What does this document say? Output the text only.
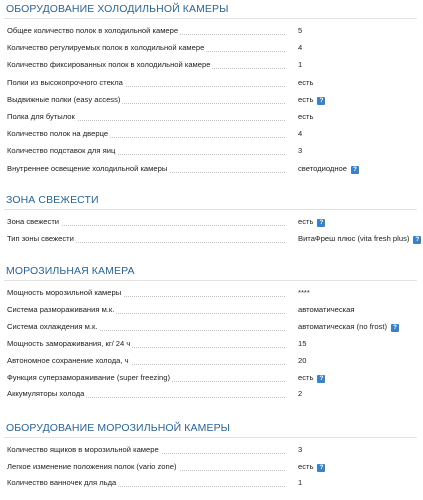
ОБОРУДОВАНИЕ ХОЛОДИЛЬНОЙ КАМЕРЫ
Общее количество полок в холодильной камере	5
Количество регулируемых полок в холодильной камере	4
Количество фиксированных полок в холодильной камере	1
Полки из высокопрочного стекла	есть
Выдвижные полки (easy access)	есть ?
Полка для бутылок	есть
Количество полок на дверце	4
Количество подставок для яиц	3
Внутреннее освещение холодильной камеры	светодиодное ?
ЗОНА СВЕЖЕСТИ
Зона свежести	есть ?
Тип зоны свежести	ВитаФреш плюс (vita fresh plus) ?
МОРОЗИЛЬНАЯ КАМЕРА
Мощность морозильной камеры	****
Система размораживания м.к.	автоматическая
Система охлаждения м.к.	автоматическая (no frost) ?
Мощность замораживания, кг/ 24 ч	15
Автономное сохранение холода, ч	20
Функция суперзамораживание (super freezing)	есть ?
Аккумуляторы холода	2
ОБОРУДОВАНИЕ МОРОЗИЛЬНОЙ КАМЕРЫ
Количество ящиков в морозильной камере	3
Легкое изменение положения полок (vario zone)	есть ?
Количество ванночек для льда	1
